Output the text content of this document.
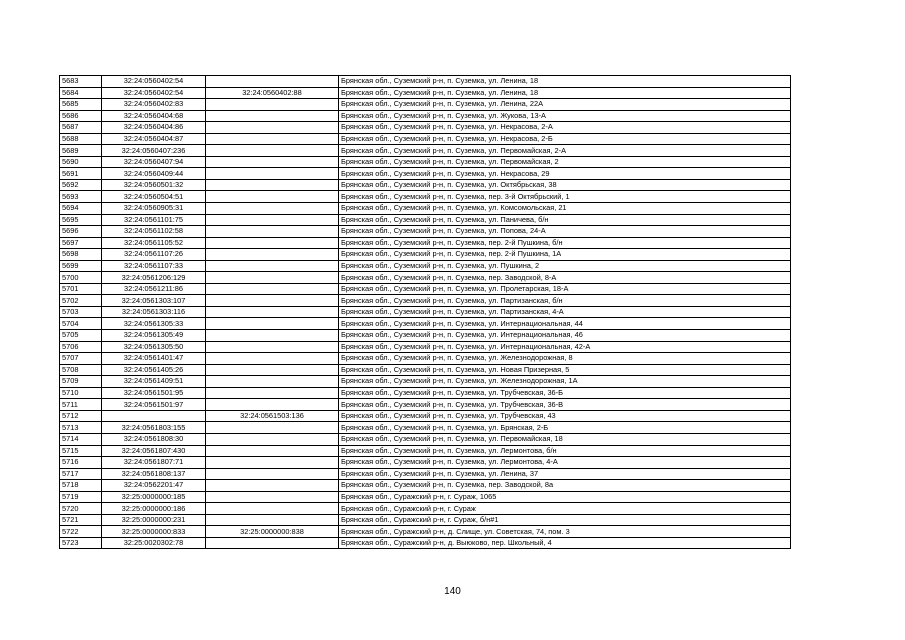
5683	32:24:0560402:54		Брянская обл., Суземский р-н, п. Суземка, ул. Ленина, 18
5684	32:24:0560402:54	32:24:0560402:88	Брянская обл., Суземский р-н, п. Суземка, ул. Ленина, 18
5685	32:24:0560402:83		Брянская обл., Суземский р-н, п. Суземка, ул. Ленина, 22А
5686	32:24:0560404:68		Брянская обл., Суземский р-н, п. Суземка, ул. Жукова, 13-А
5687	32:24:0560404:86		Брянская обл., Суземский р-н, п. Суземка, ул. Некрасова, 2-А
5688	32:24:0560404:87		Брянская обл., Суземский р-н, п. Суземка, ул. Некрасова, 2-Б
5689	32:24:0560407:236		Брянская обл., Суземский р-н, п. Суземка, ул. Первомайская, 2-А
5690	32:24:0560407:94		Брянская обл., Суземский р-н, п. Суземка, ул. Первомайская, 2
5691	32:24:0560409:44		Брянская обл., Суземский р-н, п. Суземка, ул. Некрасова, 29
5692	32:24:0560501:32		Брянская обл., Суземский р-н, п. Суземка, ул. Октябрьская, 38
5693	32:24:0560504:51		Брянская обл., Суземский р-н, п. Суземка, пер. 3-й Октябрьский, 1
5694	32:24:0560905:31		Брянская обл., Суземский р-н, п. Суземка, ул. Комсомольская, 21
5695	32:24:0561101:75		Брянская обл., Суземский р-н, п. Суземка, ул. Паничева, б/н
5696	32:24:0561102:58		Брянская обл., Суземский р-н, п. Суземка, ул. Попова, 24-А
5697	32:24:0561105:52		Брянская обл., Суземский р-н, п. Суземка, пер. 2-й Пушкина, б/н
5698	32:24:0561107:26		Брянская обл., Суземский р-н, п. Суземка, пер. 2-й Пушкина, 1А
5699	32:24:0561107:33		Брянская обл., Суземский р-н, п. Суземка, ул. Пушкина, 2
5700	32:24:0561206:129		Брянская обл., Суземский р-н, п. Суземка, пер. Заводской, 8-А
5701	32:24:0561211:86		Брянская обл., Суземский р-н, п. Суземка, ул. Пролетарская, 18-А
5702	32:24:0561303:107		Брянская обл., Суземский р-н, п. Суземка, ул. Партизанская, б/н
5703	32:24:0561303:116		Брянская обл., Суземский р-н, п. Суземка, ул. Партизанская, 4-А
5704	32:24:0561305:33		Брянская обл., Суземский р-н, п. Суземка, ул. Интернациональная, 44
5705	32:24:0561305:49		Брянская обл., Суземский р-н, п. Суземка, ул. Интернациональная, 46
5706	32:24:0561305:50		Брянская обл., Суземский р-н, п. Суземка, ул. Интернациональная, 42-А
5707	32:24:0561401:47		Брянская обл., Суземский р-н, п. Суземка, ул. Железнодорожная, 8
5708	32:24:0561405:26		Брянская обл., Суземский р-н, п. Суземка, ул. Новая Призерная, 5
5709	32:24:0561409:51		Брянская обл., Суземский р-н, п. Суземка, ул. Железнодорожная, 1А
5710	32:24:0561501:95		Брянская обл., Суземский р-н, п. Суземка, ул. Трубчевская, 36-Б
5711	32:24:0561501:97		Брянская обл., Суземский р-н, п. Суземка, ул. Трубчевская, 36-В
5712		32:24:0561503:136	Брянская обл., Суземский р-н, п. Суземка, ул. Трубчевская, 43
5713	32:24:0561803:155		Брянская обл., Суземский р-н, п. Суземка, ул. Брянская, 2-Б
5714	32:24:0561808:30		Брянская обл., Суземский р-н, п. Суземка, ул. Первомайская, 18
5715	32:24:0561807:430		Брянская обл., Суземский р-н, п. Суземка, ул. Лермонтова, б/н
5716	32:24:0561807:71		Брянская обл., Суземский р-н, п. Суземка, ул. Лермонтова, 4-А
5717	32:24:0561808:137		Брянская обл., Суземский р-н, п. Суземка, ул. Ленина, 37
5718	32:24:0562201:47		Брянская обл., Суземский р-н, п. Суземка, пер. Заводской, 8а
5719	32:25:0000000:185		Брянская обл., Суражский р-н, г. Сураж, 1065
5720	32:25:0000000:186		Брянская обл., Суражский р-н, г. Сураж
5721	32:25:0000000:231		Брянская обл., Суражский р-н, г. Сураж, б/н#1
5722	32:25:0000000:833	32:25:0000000:838	Брянская обл., Суражский р-н, д. Слище, ул. Советская, 74, пом. 3
5723	32:25:0020302:78		Брянская обл., Суражский р-н, д. Выюково, пер. Школьный, 4
140
